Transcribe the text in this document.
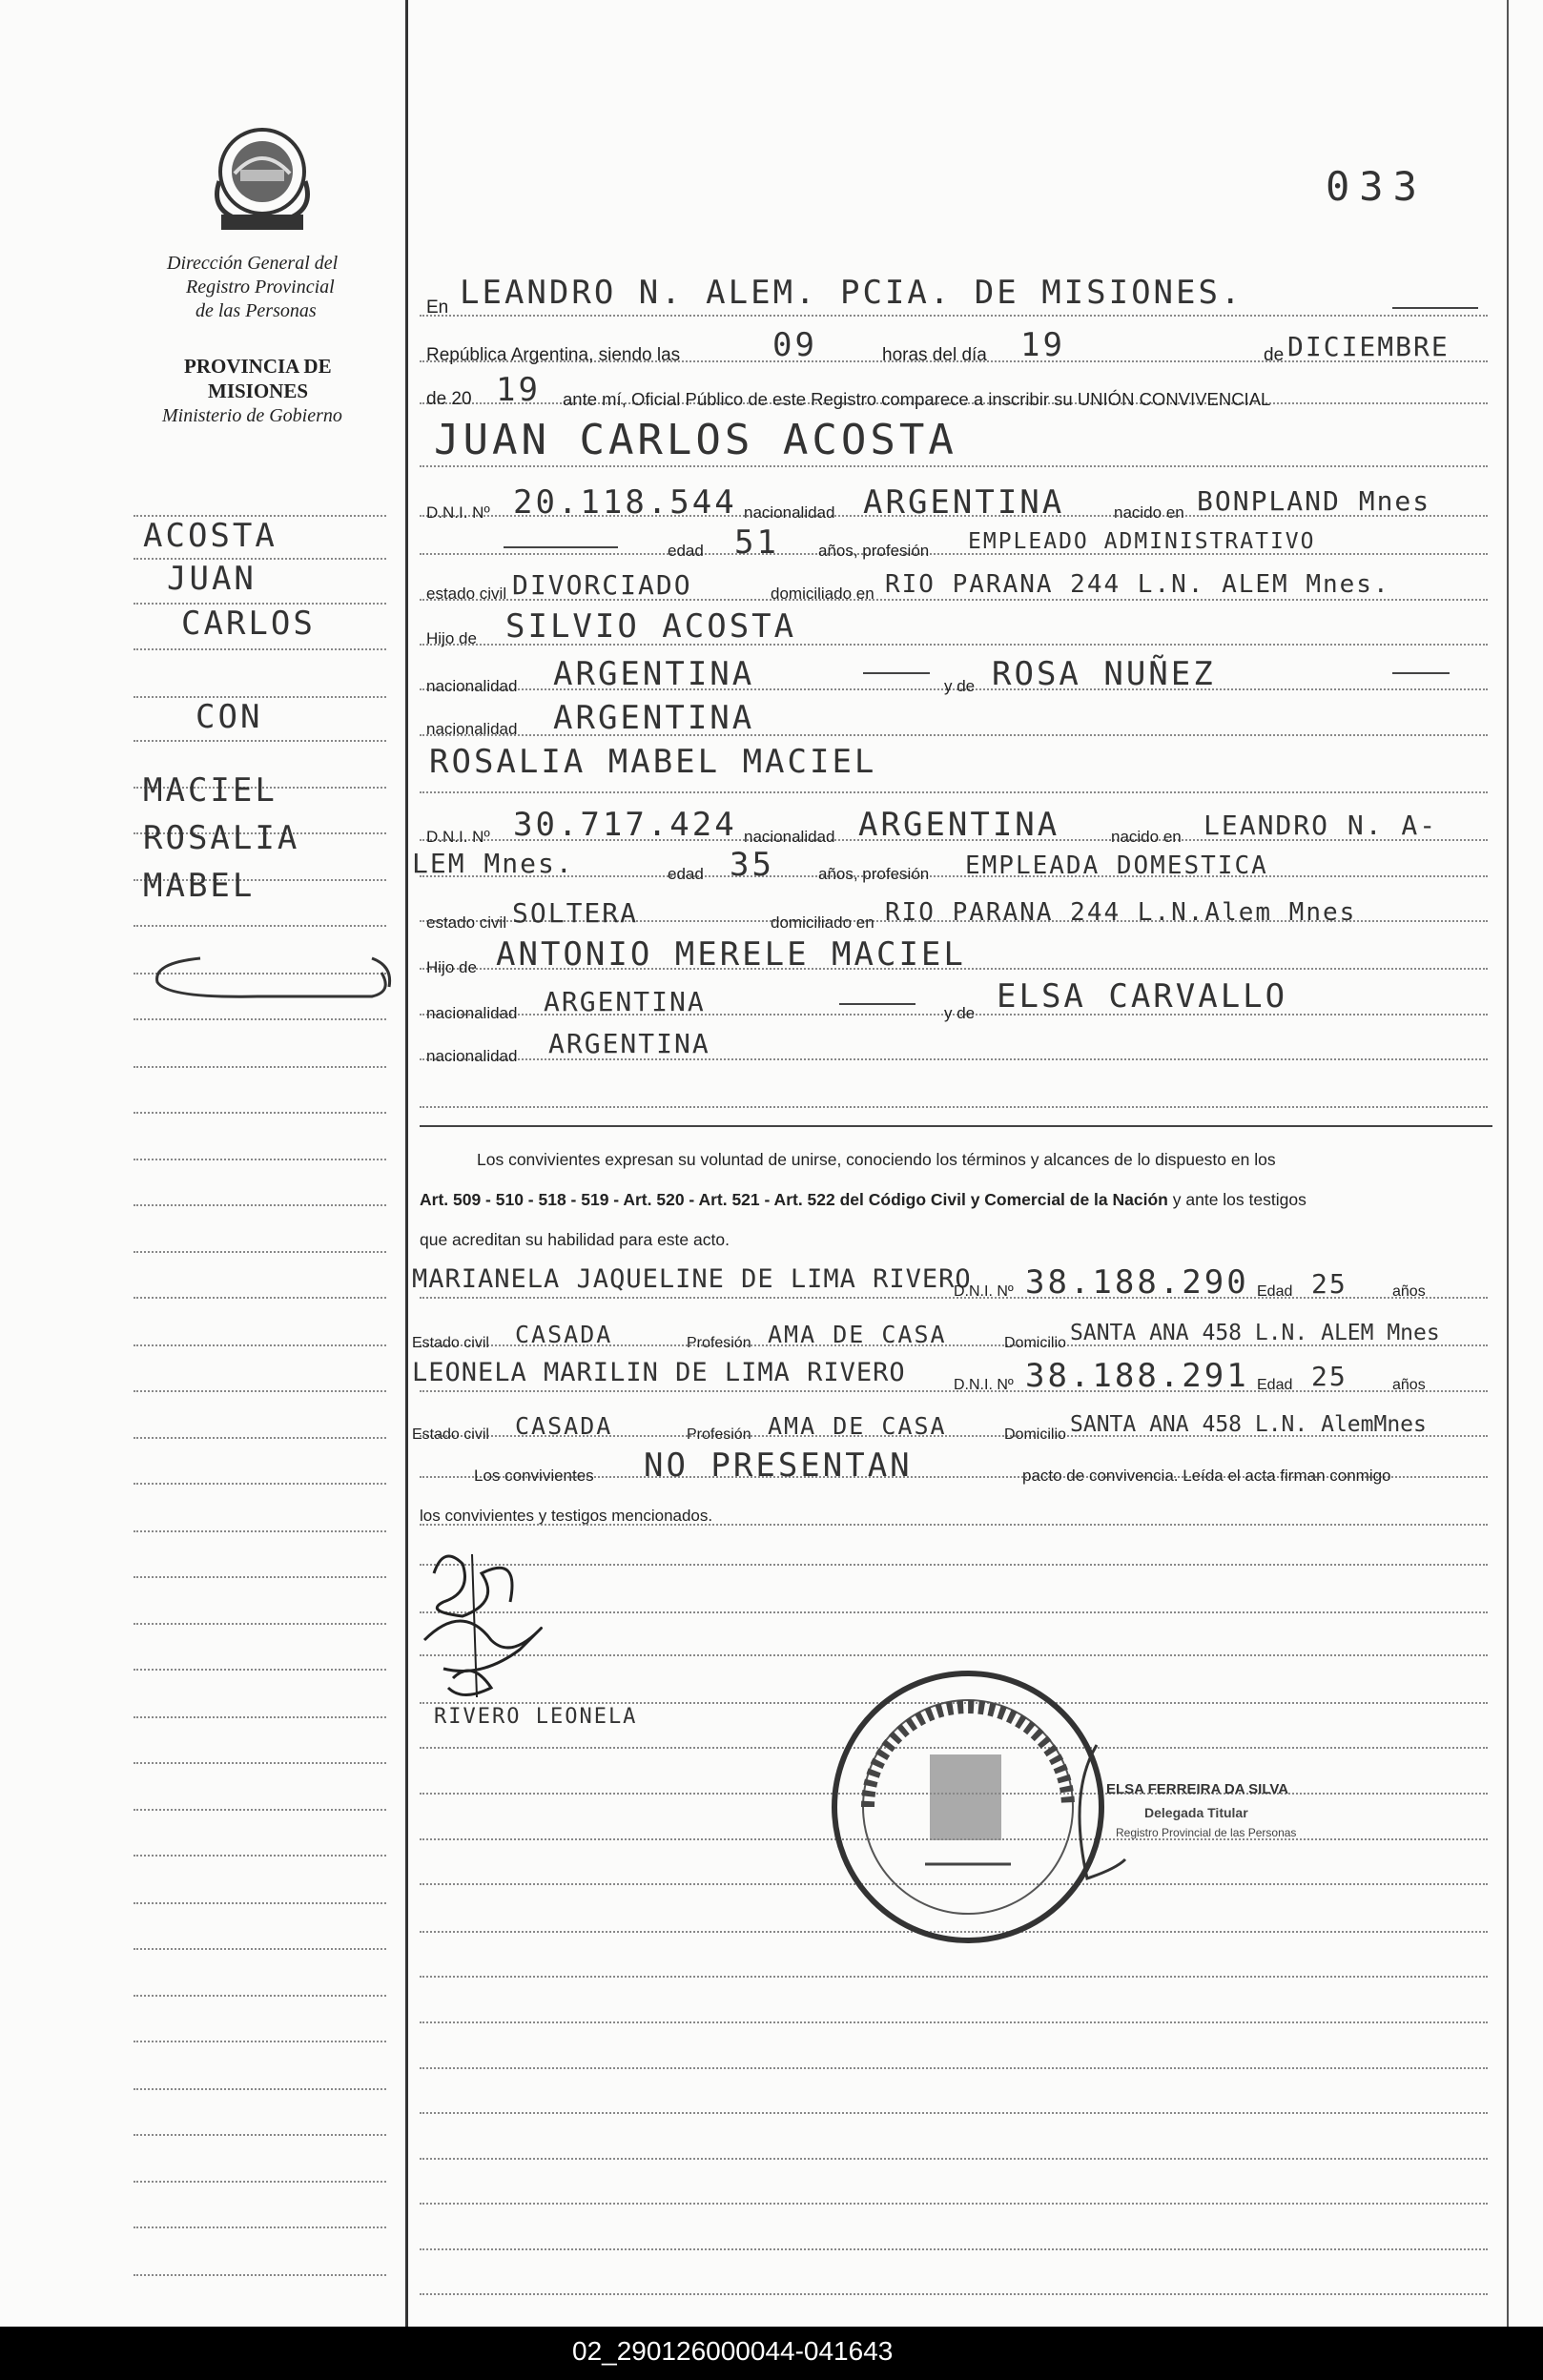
033
Dirección General del
Registro Provincial
de las Personas
PROVINCIA DE
MISIONES
Ministerio de Gobierno
ACOSTA
JUAN
CARLOS
CON
MACIEL
ROSALIA
MABEL
En LEANDRO N. ALEM. PCIA. DE MISIONES.
República Argentina, siendo las	09	horas del día 19	de DICIEMBRE
de 20 19 ante mí, Oficial Público de este Registro comparece a inscribir su UNIÓN CONVIVENCIAL
JUAN CARLOS ACOSTA
D.N.I. Nº 20.118.544 nacionalidad ARGENTINA	nacido en BONPLAND Mnes
edad 51 años, profesión EMPLEADO ADMINISTRATIVO
estado civil DIVORCIADO	domiciliado en RIO PARANA 244 L.N. ALEM Mnes.
Hijo de SILVIO ACOSTA
nacionalidad ARGENTINA	y de ROSA NUÑEZ
nacionalidad ARGENTINA
ROSALIA MABEL MACIEL
D.N.I. Nº 30.717.424 nacionalidad ARGENTINA	nacido en LEANDRO N. A-
LEM Mnes.	edad 35	años, profesión EMPLEADA DOMESTICA
estado civil SOLTERA	domiciliado en RIO PARANA 244 L.N.Alem Mnes
Hijo de ANTONIO MERELE MACIEL
nacionalidad ARGENTINA	y de ELSA CARVALLO
nacionalidad ARGENTINA
Los convivientes expresan su voluntad de unirse, conociendo los términos y alcances de lo dispuesto en los
Art. 509 - 510 - 518 - 519 - Art. 520 - Art. 521 - Art. 522 del Código Civil y Comercial de la Nación y ante los testigos
que acreditan su habilidad para este acto.
MARIANELA JAQUELINE DE LIMA RIVERO
D.N.I. Nº 38.188.290 Edad 25	años
Estado civil CASADA	Profesión AMA DE CASA	Domicilio SANTA ANA 458 L.N. ALEM Mnes
LEONELA MARILIN DE LIMA RIVERO	D.N.I. Nº 38.188.291 Edad 25	años
Estado civil CASADA	Profesión AMA DE CASA	Domicilio SANTA ANA 458 L.N. AlemMnes
Los convivientes NO PRESENTAN	pacto de convivencia. Leída el acta firman conmigo
los convivientes y testigos mencionados.
RIVERO LEONELA
ELSA FERREIRA DA SILVA
Delegada Titular
Registro Provincial de las Personas
02_290126000044-041643
